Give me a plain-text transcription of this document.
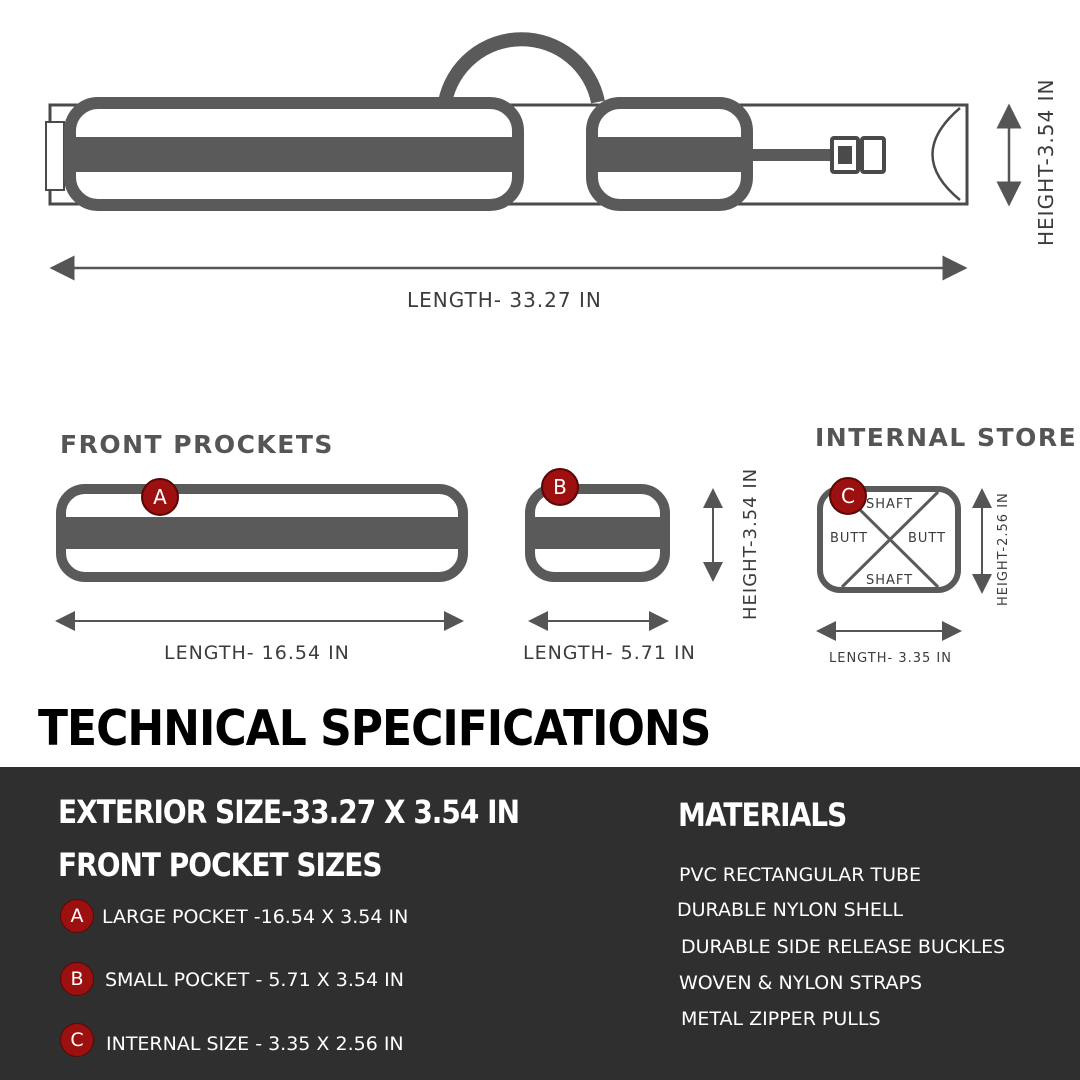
LENGTH- 33.27 IN
HEIGHT-3.54 IN
FRONT PROCKETS	INTERNAL STORE
A	B	C
LENGTH- 16.54 IN	LENGTH- 5.71 IN
HEIGHT-3.54 IN	SHAFT
BUTT	BUTT
SHAFT
LENGTH- 3.35 IN
HEIGHT-2.56 IN
TECHNICAL SPECIFICATIONS
EXTERIOR SIZE-33.27 X 3.54 IN
FRONT POCKET SIZES
A LARGE POCKET -16.54 X 3.54 IN
B	SMALL POCKET - 5.71 X 3.54 IN
C	INTERNAL SIZE - 3.35 X 2.56 IN
MATERIALS
PVC RECTANGULAR TUBE
DURABLE NYLON SHELL
DURABLE SIDE RELEASE BUCKLES
WOVEN & NYLON STRAPS
METAL ZIPPER PULLS
